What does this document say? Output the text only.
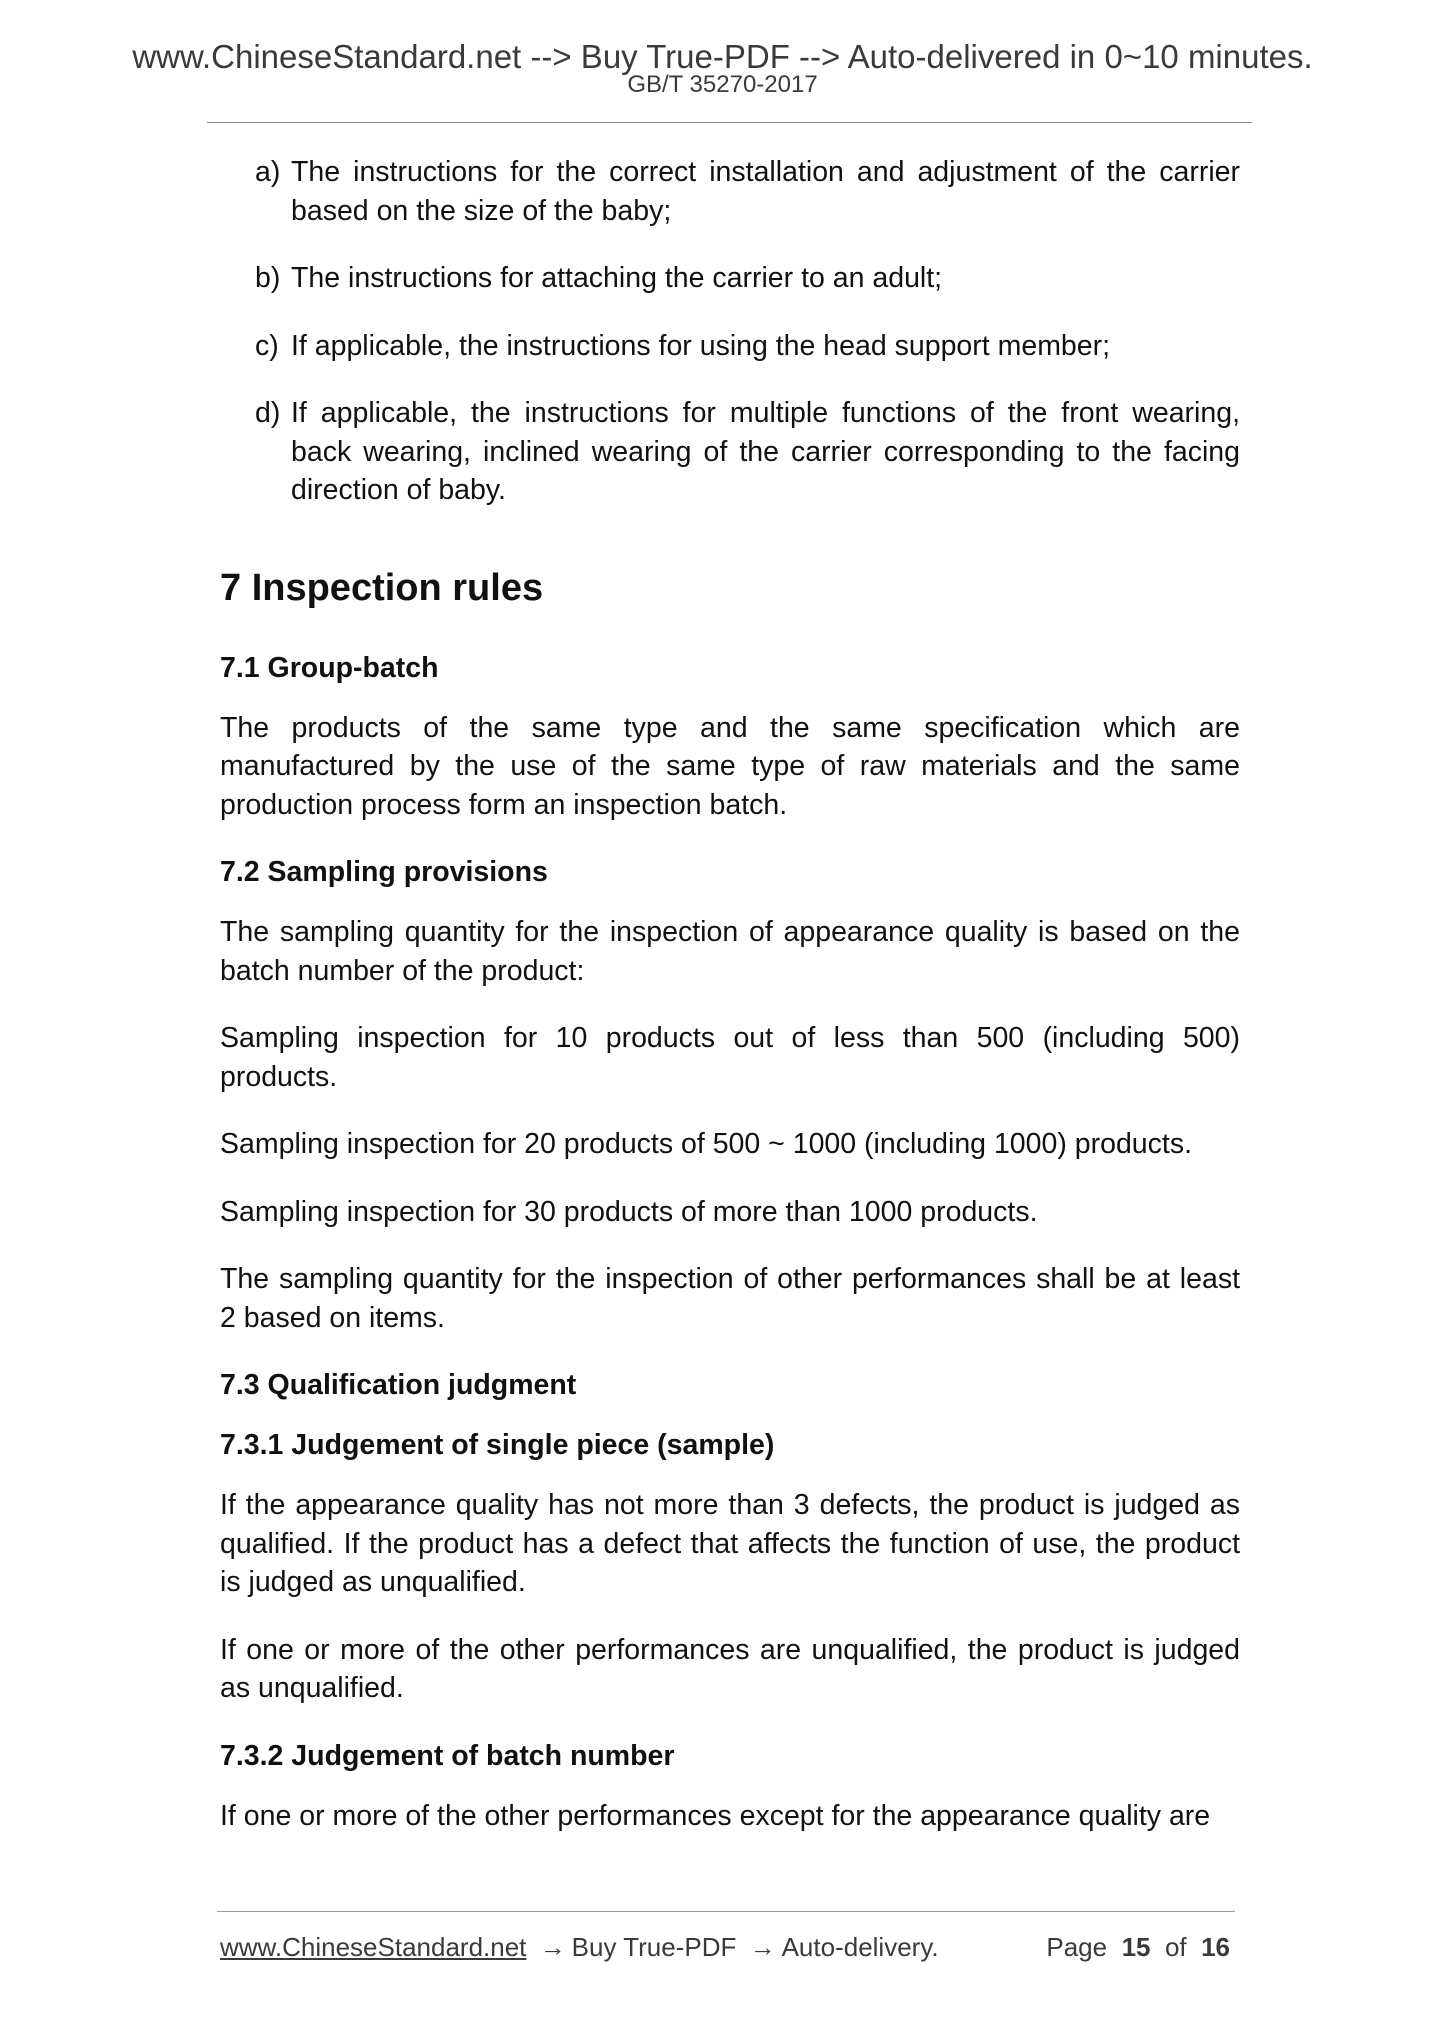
www.ChineseStandard.net --> Buy True-PDF --> Auto-delivered in 0~10 minutes.
GB/T 35270-2017
a) The instructions for the correct installation and adjustment of the carrier based on the size of the baby;
b) The instructions for attaching the carrier to an adult;
c) If applicable, the instructions for using the head support member;
d) If applicable, the instructions for multiple functions of the front wearing, back wearing, inclined wearing of the carrier corresponding to the facing direction of baby.
7 Inspection rules
7.1 Group-batch

The products of the same type and the same specification which are manufactured by the use of the same type of raw materials and the same production process form an inspection batch.

7.2 Sampling provisions

The sampling quantity for the inspection of appearance quality is based on the batch number of the product:

Sampling inspection for 10 products out of less than 500 (including 500) products.

Sampling inspection for 20 products of 500 ~ 1000 (including 1000) products.

Sampling inspection for 30 products of more than 1000 products.

The sampling quantity for the inspection of other performances shall be at least 2 based on items.

7.3 Qualification judgment
7.3.1 Judgement of single piece (sample)

If the appearance quality has not more than 3 defects, the product is judged as qualified. If the product has a defect that affects the function of use, the product is judged as unqualified.

If one or more of the other performances are unqualified, the product is judged as unqualified.

7.3.2 Judgement of batch number

If one or more of the other performances except for the appearance quality are

www.ChineseStandard.net → Buy True-PDF → Auto-delivery.	Page 15 of 16
